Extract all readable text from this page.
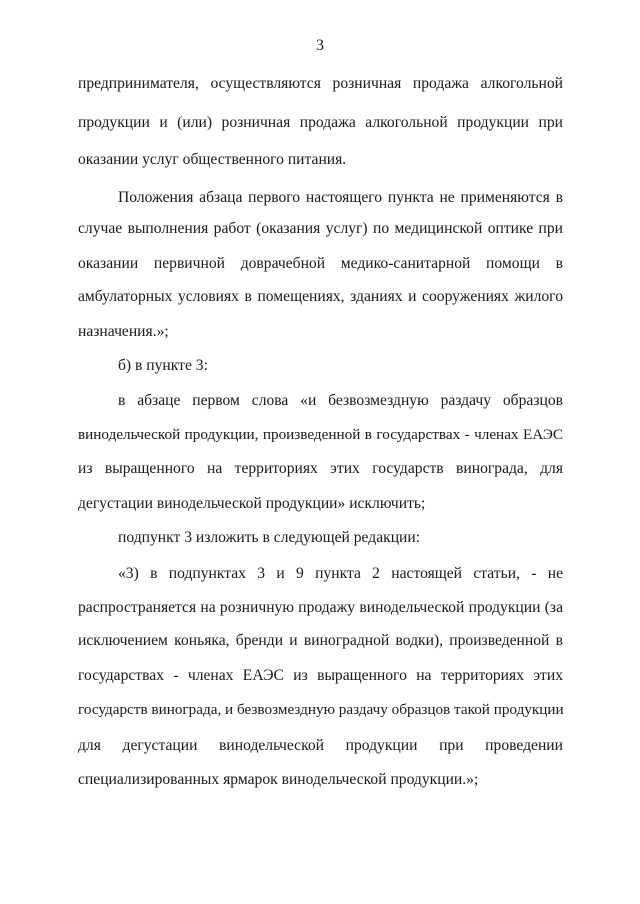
3
предпринимателя, осуществляются розничная продажа алкогольной
продукции и (или) розничная продажа алкогольной продукции при
оказании услуг общественного питания.
Положения абзаца первого настоящего пункта не применяются в
случае выполнения работ (оказания услуг) по медицинской оптике при
оказании первичной доврачебной медико-санитарной помощи в
амбулаторных условиях в помещениях, зданиях и сооружениях жилого
назначения.»;
б) в пункте 3:
в абзаце первом слова «и безвозмездную раздачу образцов
винодельческой продукции, произведенной в государствах - членах ЕАЭС
из выращенного на территориях этих государств винограда, для
дегустации винодельческой продукции» исключить;
подпункт 3 изложить в следующей редакции:
«3) в подпунктах 3 и 9 пункта 2 настоящей статьи, - не
распространяется на розничную продажу винодельческой продукции (за
исключением коньяка, бренди и виноградной водки), произведенной в
государствах - членах ЕАЭС из выращенного на территориях этих
государств винограда, и безвозмездную раздачу образцов такой продукции
для дегустации винодельческой продукции при проведении
специализированных ярмарок винодельческой продукции.»;
